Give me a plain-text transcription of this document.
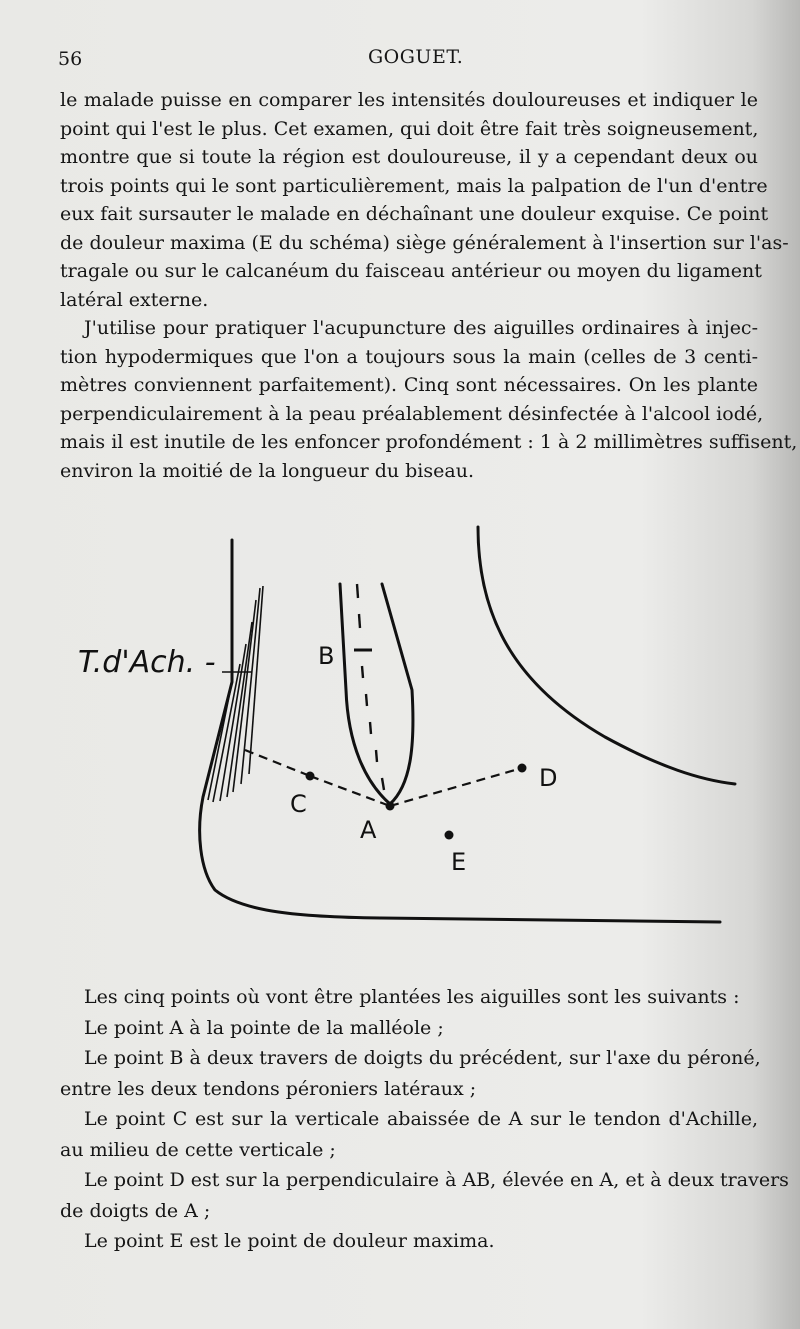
56	GOGUET.
le malade puisse en comparer les intensités douloureuses et indiquer le
point qui l'est le plus. Cet examen, qui doit être fait très soigneusement,
montre que si toute la région est douloureuse, il y a cependant deux ou
trois points qui le sont particulièrement, mais la palpation de l'un d'entre
eux fait sursauter le malade en déchaînant une douleur exquise. Ce point
de douleur maxima (E du schéma) siège généralement à l'insertion sur l'as-
tragale ou sur le calcanéum du faisceau antérieur ou moyen du ligament
latéral externe.
J'utilise pour pratiquer l'acupuncture des aiguilles ordinaires à injec-
tion hypodermiques que l'on a toujours sous la main (celles de 3 centi-
mètres conviennent parfaitement). Cinq sont nécessaires. On les plante
perpendiculairement à la peau préalablement désinfectée à l'alcool iodé,
mais il est inutile de les enfoncer profondément : 1 à 2 millimètres suffisent,
environ la moitié de la longueur du biseau.
T.d'Ach. -	B
C
A
D
E
Les cinq points où vont être plantées les aiguilles sont les suivants :
Le point A à la pointe de la malléole ;
Le point B à deux travers de doigts du précédent, sur l'axe du péroné,
entre les deux tendons péroniers latéraux ;
Le point C est sur la verticale abaissée de A sur le tendon d'Achille,
au milieu de cette verticale ;
Le point D est sur la perpendiculaire à AB, élevée en A, et à deux travers
de doigts de A ;
Le point E est le point de douleur maxima.
